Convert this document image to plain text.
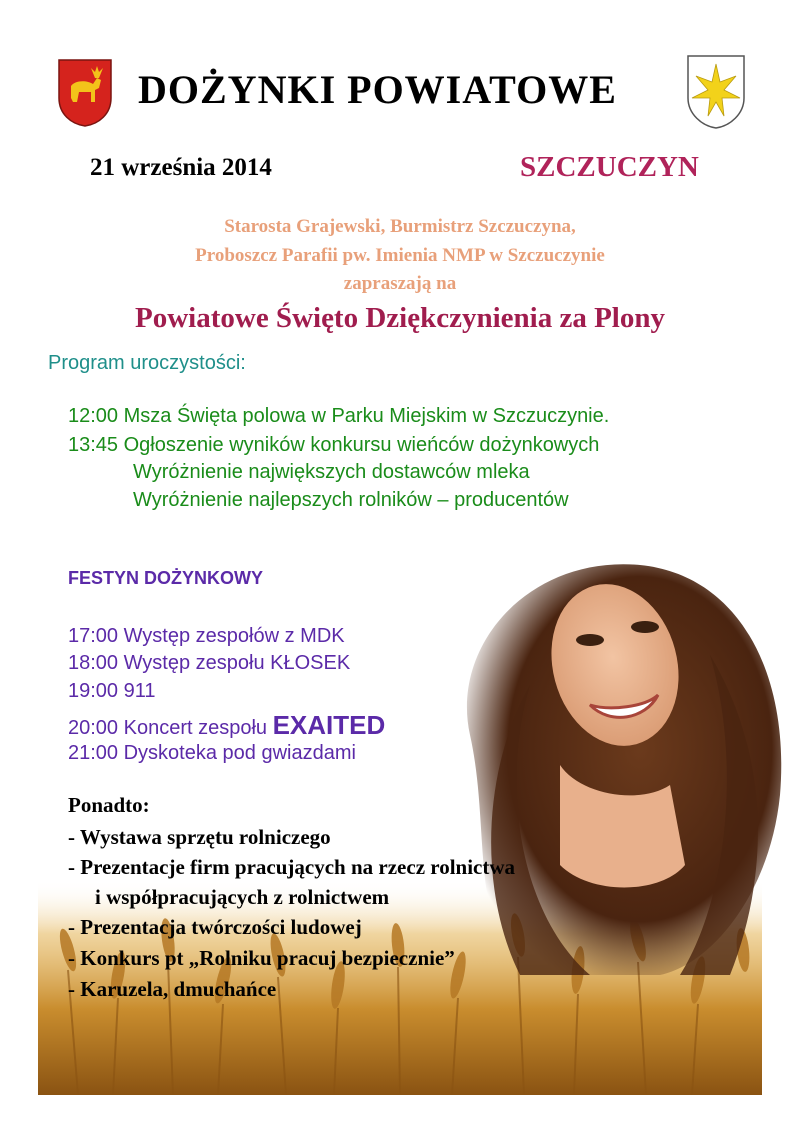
DOŻYNKI POWIATOWE
21 września 2014	SZCZUCZYN
Starosta Grajewski, Burmistrz Szczuczyna,
Proboszcz Parafii pw. Imienia NMP w Szczuczynie
zapraszają na
Powiatowe Święto Dziękczynienia za Plony
Program uroczystości:
12:00 Msza Święta polowa w Parku Miejskim w Szczuczynie.
13:45 Ogłoszenie wyników konkursu wieńców dożynkowych
Wyróżnienie największych dostawców mleka
Wyróżnienie najlepszych rolników – producentów
FESTYN DOŻYNKOWY
17:00 Występ zespołów z MDK
18:00 Występ zespołu KŁOSEK
19:00 911
20:00 Koncert zespołu EXAITED
21:00 Dyskoteka pod gwiazdami
Ponadto:
- Wystawa sprzętu rolniczego
- Prezentacje firm pracujących na rzecz rolnictwa
i współpracujących z rolnictwem
- Prezentacja twórczości ludowej
- Konkurs pt „Rolniku pracuj bezpiecznie”
- Karuzela, dmuchańce
